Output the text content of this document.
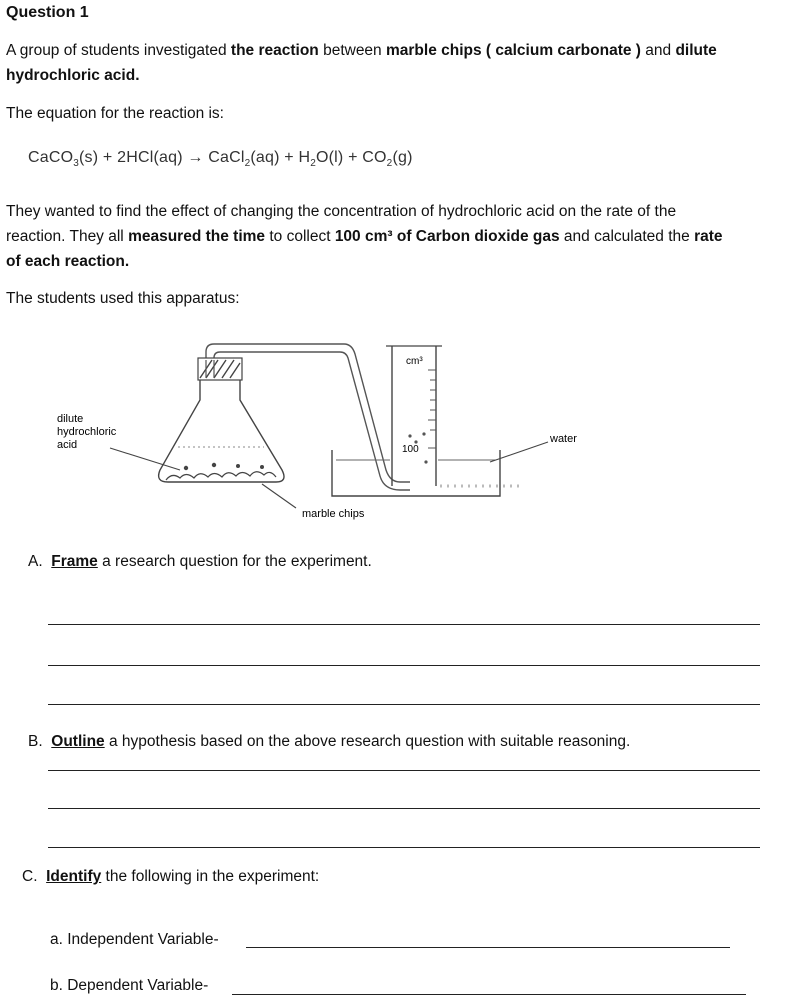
Question 1
A group of students investigated the reaction between marble chips ( calcium carbonate ) and dilute
hydrochloric acid.
The equation for the reaction is:
CaCO$_3$(s) + 2HCl(aq) → CaCl$_2$(aq) + $H_2O(l) + CO_2(g)$
They wanted to find the effect of changing the concentration of hydrochloric acid on the rate of the
reaction. They all measured the time to collect 100 cm³ of Carbon dioxide gas and calculated the rate
of each reaction.
The students used this apparatus:
dilute
hydrochloric
acid
cm³
100
water
marble chips
A. Frame a research question for the experiment.
B. Outline a hypothesis based on the above research question with suitable reasoning.
C. Identify the following in the experiment:
a. Independent Variable-
b. Dependent Variable-
